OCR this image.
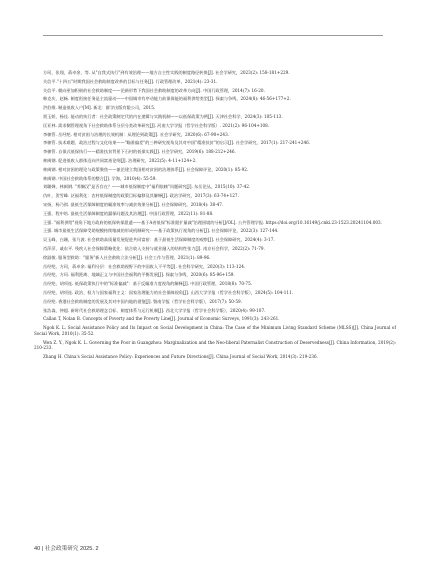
方珂，张翔，蒋卓余，等. 从"自我式执行"到有效治理——地方自主性实践的制度路径转换[J]. 社会学研究，2023(2): 158-181+229.
关信平."十四五"时期我国社会救助制度改革的目标与任务[J]. 行政管理改革，2021(4): 23-31.
关信平. 朝向更加积极的社会救助制度——论新形势下我国社会救助制度的改革方向[J]. 中国行政管理，2014(7): 16-20.
韩克庆，赵畅. 制度衔接任务是主流驱动——中国城市有序动能力前保保能的福利供给类型[J]. 探索与争鸣，2024(8): 46-56+177+2.
洪伯维. 制造低收入户[M]. 新北：群学出版有限公司，2015.
贾玉娇，杨佳. 能动的执行者：社会政策制定代的内在逻辑与实践机制——以低保政策为例[J]. 天津社会科学，2024(3): 105-113.
匡亚林. 需求侧管理视角下社会救助体系分层分类改革研究[J]. 河南大学学报（哲学社会科学版）. 2021(2): 96-104+108.
李棉管. 岳经纶. 相对贫困与治理的长效机制：从理论到政策[J]. 社会学研究，2020(6): 67-90+243.
李棉管. 技术难题、政治过程与文化结果——"瞄准偏差"的三种研究视角及其对中国"精准扶贫"的启示[J]. 社会学研究，2017(1): 217-241+246.
李棉管. 自保式低保执行——精准扶贫背景下石村的低保实践[J]. 社会学研究，2019(6): 188-212+246.
林闽钢. 促进低收入群体迈向共同富裕论纲[J]. 治理研究，2022(5): 4-11+124+2.
林闽钢. 相对贫困的理论与政策聚焦——兼论建立我国相对贫困的治理体系[J]. 社会保障评论，2020(1): 85-92.
林闽钢. 中国社会救助体系的整合[J]. 学海，2010(4): 55-59.
刘璐婵，林闽钢. "养懒汉"是否存在？——城市低保制度中"福利依赖"问题研究[J]. 东岳论丛，2015(10): 37-42.
仇叶，贺雪峰. 泛福利化：农村低保制度的政策目标偏移及其解释[J]. 政治学研究，2017(3): 63-74+127.
宋扬，杨乃祺. 最低生活保障制度的瞄准效率与减贫效果分析[J]. 社会保障研究，2018(4): 38-47.
王强，程中培. 最低生活保障制度的漏保问题及其治理[J]. 中国行政管理，2022(11): 81-88.
王强. "福利供给"视角下地方政府的低保转保派遣——基于A省低保"标准限扩量减"治理困境的分析[J/OL]. 公共管理学报. https://doi.org/10.16149/j.cnki.23-1523.20241104.003.
王强. 城市最低生活保障受助规模持续缩减的形成机制研究——基于政策执行视角的分析[J]. 社会保障评论，2022(3): 127-144.
吴玉峰，白珊，张乃波. 社会救助高质量发展促进共同富裕：基于最低生活保障制度的观察[J]. 社会保障研究，2024(4): 3-17.
肖萍萍，戚东平. 残疾人社会保障策略优化：依合收入支持与就业融入的结构性张力[J]. 南京社会科学，2022(2): 71-79.
徐淑敏. 服务型救助："服务"新人社会救助立法分析[J]. 社会工作与管理，2021(1): 89-96.
岳经纶，方珂，蒋卓余. 福利分层：社会救助视野下的中国收入不平等[J]. 社会科学研究，2020(3): 113-124.
岳经纶，方珂. 福利距离、地域正义与中国社会福利的平衡发展[J]. 探索与争鸣，2020(6): 85-96+159.
岳经纶，胡项连. 低保政策执行中的"标准偏减"：基于反瞄准力度视角的解释[J]. 中国行政管理，2018(8): 70-75.
岳经纶，胡项连. 政治、权力与国家福利主义：国家治理能力的社会保障视角[J]. 山西大学学报（哲学社会科学版），2024(5): 104-111.
岳经纶. 香港社会救助制度的发展及其对中国内地的借鉴[J]. 暨南学报（哲学社会科学版），2017(7): 50-59.
张浩淼，仲超. 新时代社会救助理念目标、制度体系与运行机制[J]. 西北大学学报（哲学社会科学版），2020(4): 99-107.
Callan T, Nolan B. Concepts of Poverty and the Poverty Line[J]. Journal of Economic Surveys, 1991(3): 243-261.
Ngok K. L. Social Assistance Policy and Its Impact on Social Development in China: The Case of the Minimum Living Standard Scheme (MLSS)[J]. China Journal of Social Work, 2010(1): 35-52.
Wen Z. Y., Ngok K. L. Governing the Poor in Guangzhou: Marginalization and the Neo-liberal Paternalist Construction of Deservedness[J]. China Information, 2019(2): 210-233.
Zhang H. China's Social Assistance Policy: Experiences and Future Directions[J]. China Journal of Social Work, 2014(3): 219-236.
40 | 社会政策研究 2025. 2
